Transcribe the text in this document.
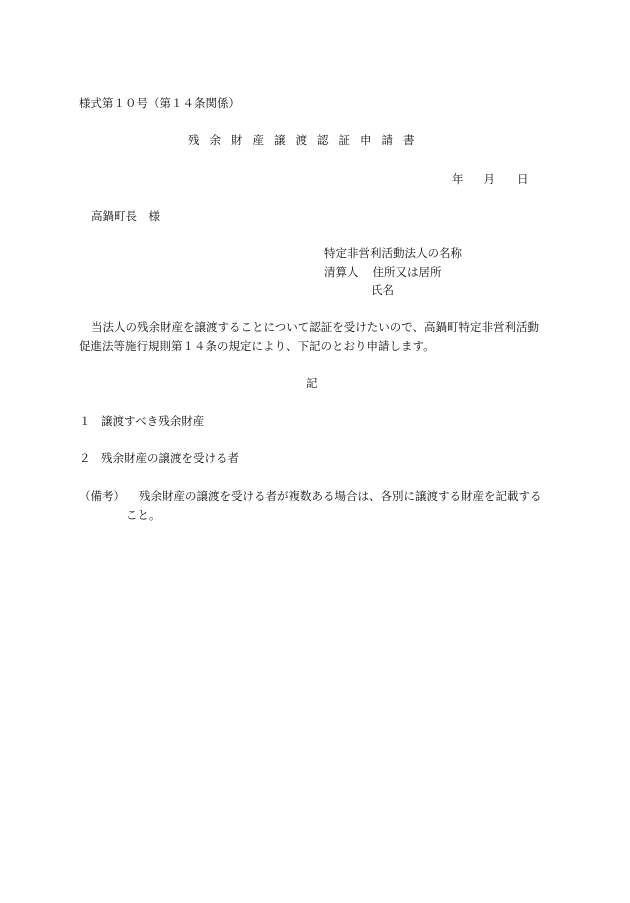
様式第１０号（第１４条関係）
残余財産譲渡認証申請書
年 月 日
高鍋町長　様
特定非営利活動法人の名称
清算人 住所又は居所
氏名
当法人の残余財産を譲渡することについて認証を受けたいので、高鍋町特定非営利活動
促進法等施行規則第１４条の規定により、下記のとおり申請します。
記
１ 譲渡すべき残余財産
２ 残余財産の譲渡を受ける者
（備考） 残余財産の譲渡を受ける者が複数ある場合は、各別に譲渡する財産を記載する
こと。
